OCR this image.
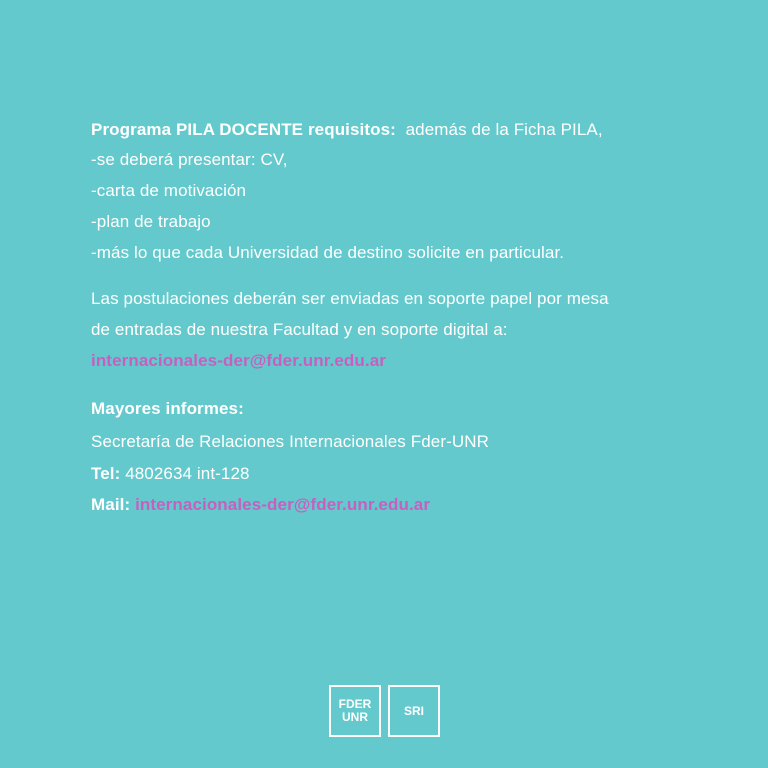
Programa PILA DOCENTE requisitos: además de la Ficha PILA,
-se deberá presentar: CV,
-carta de motivación
-plan de trabajo
-más lo que cada Universidad de destino solicite en particular.
Las postulaciones deberán ser enviadas en soporte papel por mesa
de entradas de nuestra Facultad y en soporte digital a:
internacionales-der@fder.unr.edu.ar
Mayores informes:
Secretaría de Relaciones Internacionales Fder-UNR
Tel: 4802634 int-128
Mail: internacionales-der@fder.unr.edu.ar
FDER
UNR	SRI
